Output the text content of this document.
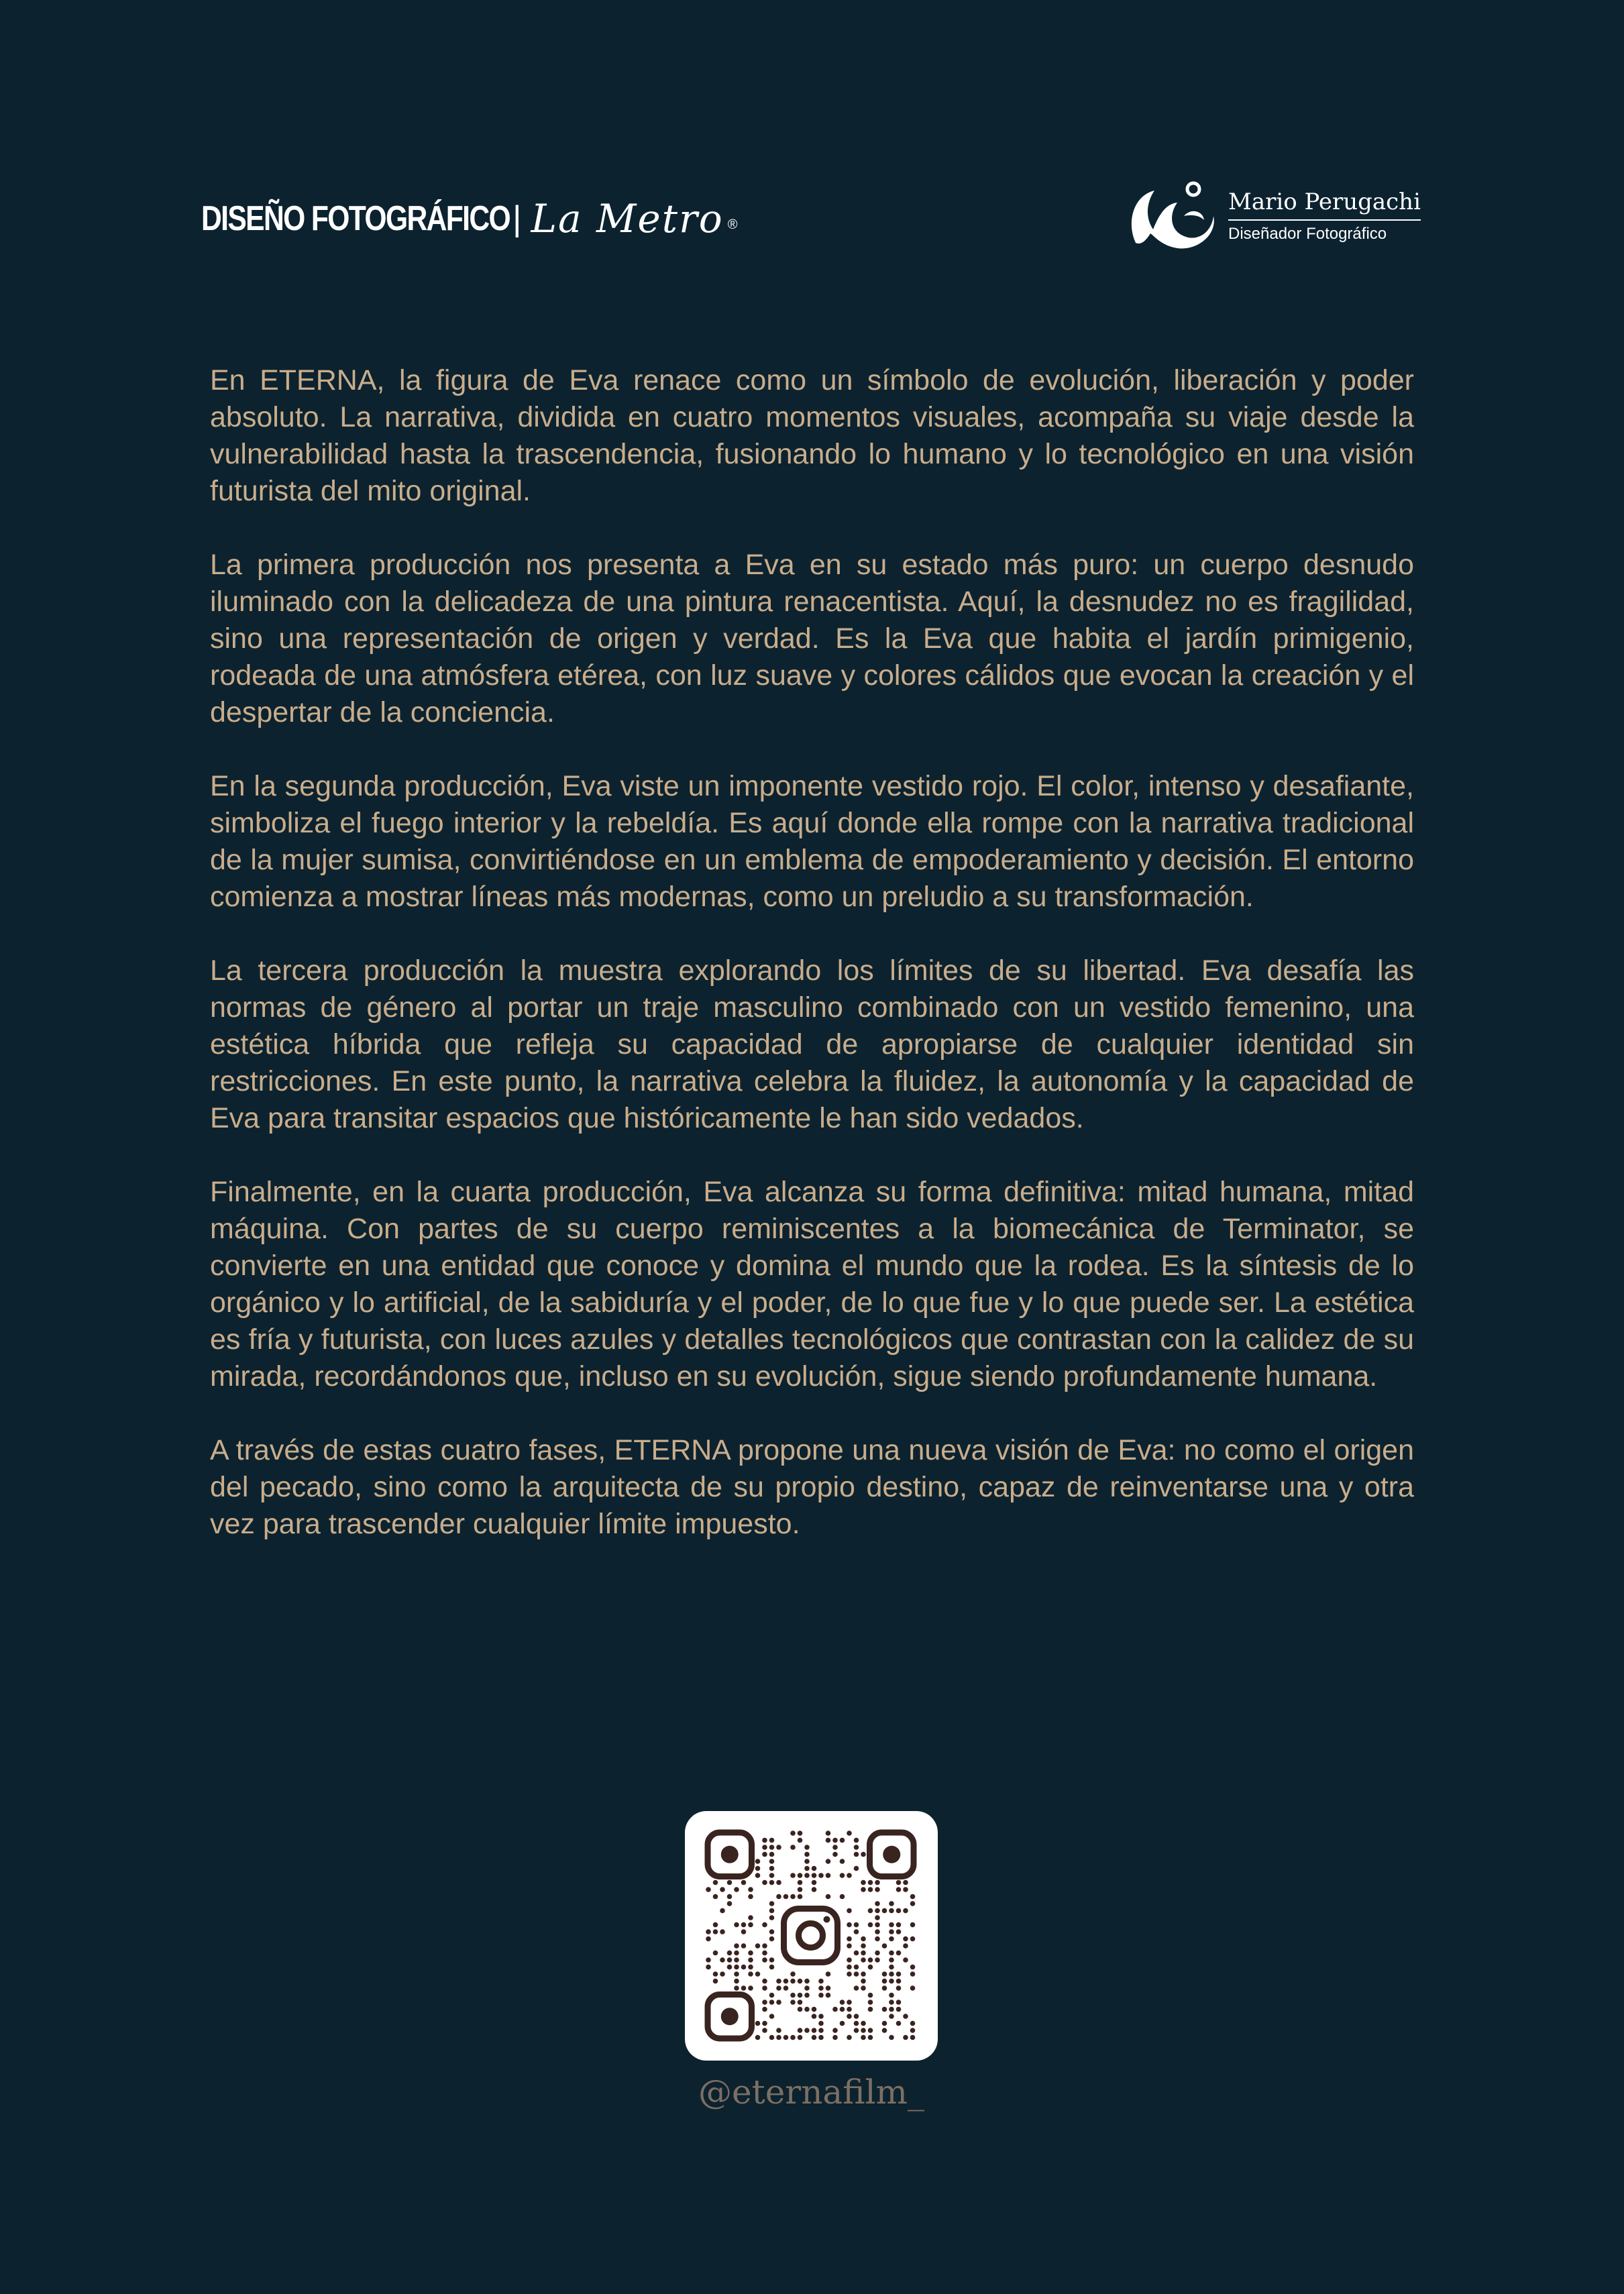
DISEÑO FOTOGRÁFICO | La Metro ®
Mario Perugachi
Diseñador Fotográfico

En ETERNA, la figura de Eva renace como un símbolo de evolución, liberación y poder absoluto. La narrativa, dividida en cuatro momentos visuales, acompaña su viaje desde la vulnerabilidad hasta la trascendencia, fusionando lo humano y lo tecnológico en una visión futurista del mito original.

La primera producción nos presenta a Eva en su estado más puro: un cuerpo desnudo iluminado con la delicadeza de una pintura renacentista. Aquí, la desnudez no es fragilidad, sino una representación de origen y verdad. Es la Eva que habita el jardín primigenio, rodeada de una atmósfera etérea, con luz suave y colores cálidos que evocan la creación y el despertar de la conciencia.

En la segunda producción, Eva viste un imponente vestido rojo. El color, intenso y desafiante, simboliza el fuego interior y la rebeldía. Es aquí donde ella rompe con la narrativa tradicional de la mujer sumisa, convirtiéndose en un emblema de empoderamiento y decisión. El entorno comienza a mostrar líneas más modernas, como un preludio a su transformación.

La tercera producción la muestra explorando los límites de su libertad. Eva desafía las normas de género al portar un traje masculino combinado con un vestido femenino, una estética híbrida que refleja su capacidad de apropiarse de cualquier identidad sin restricciones. En este punto, la narrativa celebra la fluidez, la autonomía y la capacidad de Eva para transitar espacios que históricamente le han sido vedados.

Finalmente, en la cuarta producción, Eva alcanza su forma definitiva: mitad humana, mitad máquina. Con partes de su cuerpo reminiscentes a la biomecánica de Terminator, se convierte en una entidad que conoce y domina el mundo que la rodea. Es la síntesis de lo orgánico y lo artificial, de la sabiduría y el poder, de lo que fue y lo que puede ser. La estética es fría y futurista, con luces azules y detalles tecnológicos que contrastan con la calidez de su mirada, recordándonos que, incluso en su evolución, sigue siendo profundamente humana.

A través de estas cuatro fases, ETERNA propone una nueva visión de Eva: no como el origen del pecado, sino como la arquitecta de su propio destino, capaz de reinventarse una y otra vez para trascender cualquier límite impuesto.

@eternafilm_
